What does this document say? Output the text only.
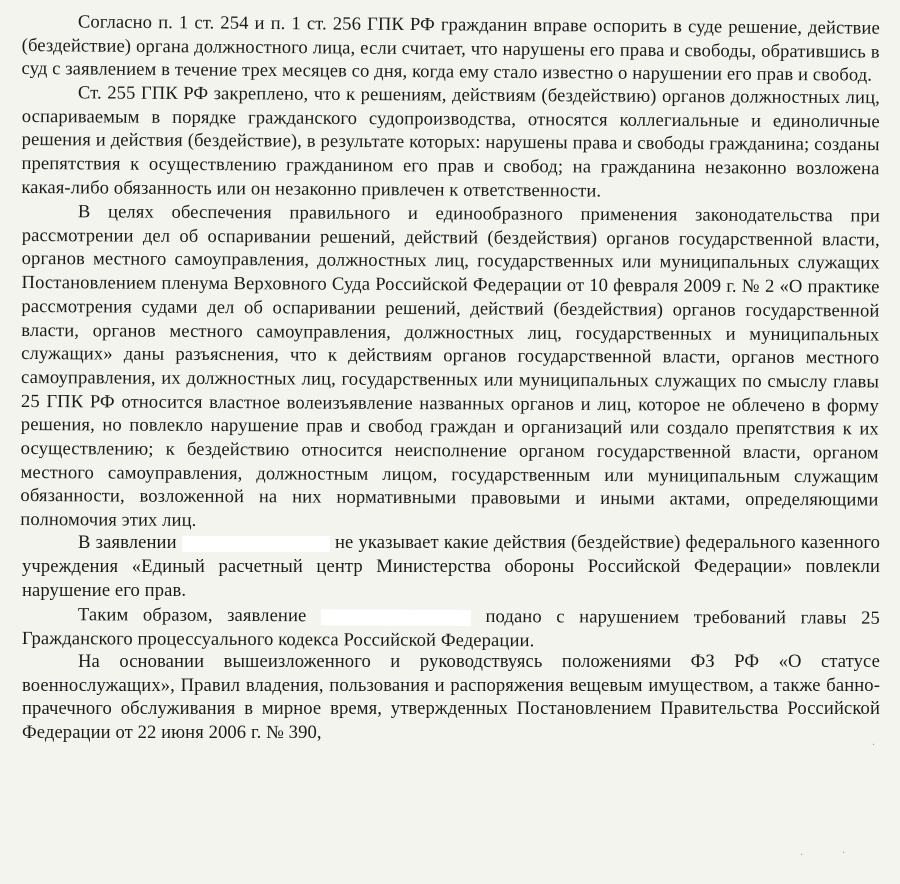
Согласно п. 1 ст. 254 и п. 1 ст. 256 ГПК РФ гражданин вправе оспорить в суде решение, действие (бездействие) органа должностного лица, если считает, что нарушены его права и свободы, обратившись в суд с заявлением в течение трех месяцев со дня, когда ему стало известно о нарушении его прав и свобод.

Ст. 255 ГПК РФ закреплено, что к решениям, действиям (бездействию) органов должностных лиц, оспариваемым в порядке гражданского судопроизводства, относятся коллегиальные и единоличные решения и действия (бездействие), в результате которых: нарушены права и свободы гражданина; созданы препятствия к осуществлению гражданином его прав и свобод; на гражданина незаконно возложена какая-либо обязанность или он незаконно привлечен к ответственности.

В целях обеспечения правильного и единообразного применения законодательства при рассмотрении дел об оспаривании решений, действий (бездействия) органов государственной власти, органов местного самоуправления, должностных лиц, государственных или муниципальных служащих Постановлением пленума Верховного Суда Российской Федерации от 10 февраля 2009 г. № 2 «О практике рассмотрения судами дел об оспаривании решений, действий (бездействия) органов государственной власти, органов местного самоуправления, должностных лиц, государственных и муниципальных служащих» даны разъяснения, что к действиям органов государственной власти, органов местного самоуправления, их должностных лиц, государственных или муниципальных служащих по смыслу главы 25 ГПК РФ относится властное волеизъявление названных органов и лиц, которое не облечено в форму решения, но повлекло нарушение прав и свобод граждан и организаций или создало препятствия к их осуществлению; к бездействию относится неисполнение органом государственной власти, органом местного самоуправления, должностным лицом, государственным или муниципальным служащим обязанности, возложенной на них нормативными правовыми и иными актами, определяющими полномочия этих лиц.

В заявлении	не указывает какие действия (бездействие) федерального казенного учреждения «Единый расчетный центр Министерства обороны Российской Федерации» повлекли нарушение его прав.

Таким образом, заявление	подано с нарушением требований главы 25 Гражданского процессуального кодекса Российской Федерации.

На основании вышеизложенного и руководствуясь положениями ФЗ РФ «О статусе военнослужащих», Правил владения, пользования и распоряжения вещевым имуществом, а также банно-прачечного обслуживания в мирное время, утвержденных Постановлением Правительства Российской Федерации от 22 июня 2006 г. № 390,

·
·	·
